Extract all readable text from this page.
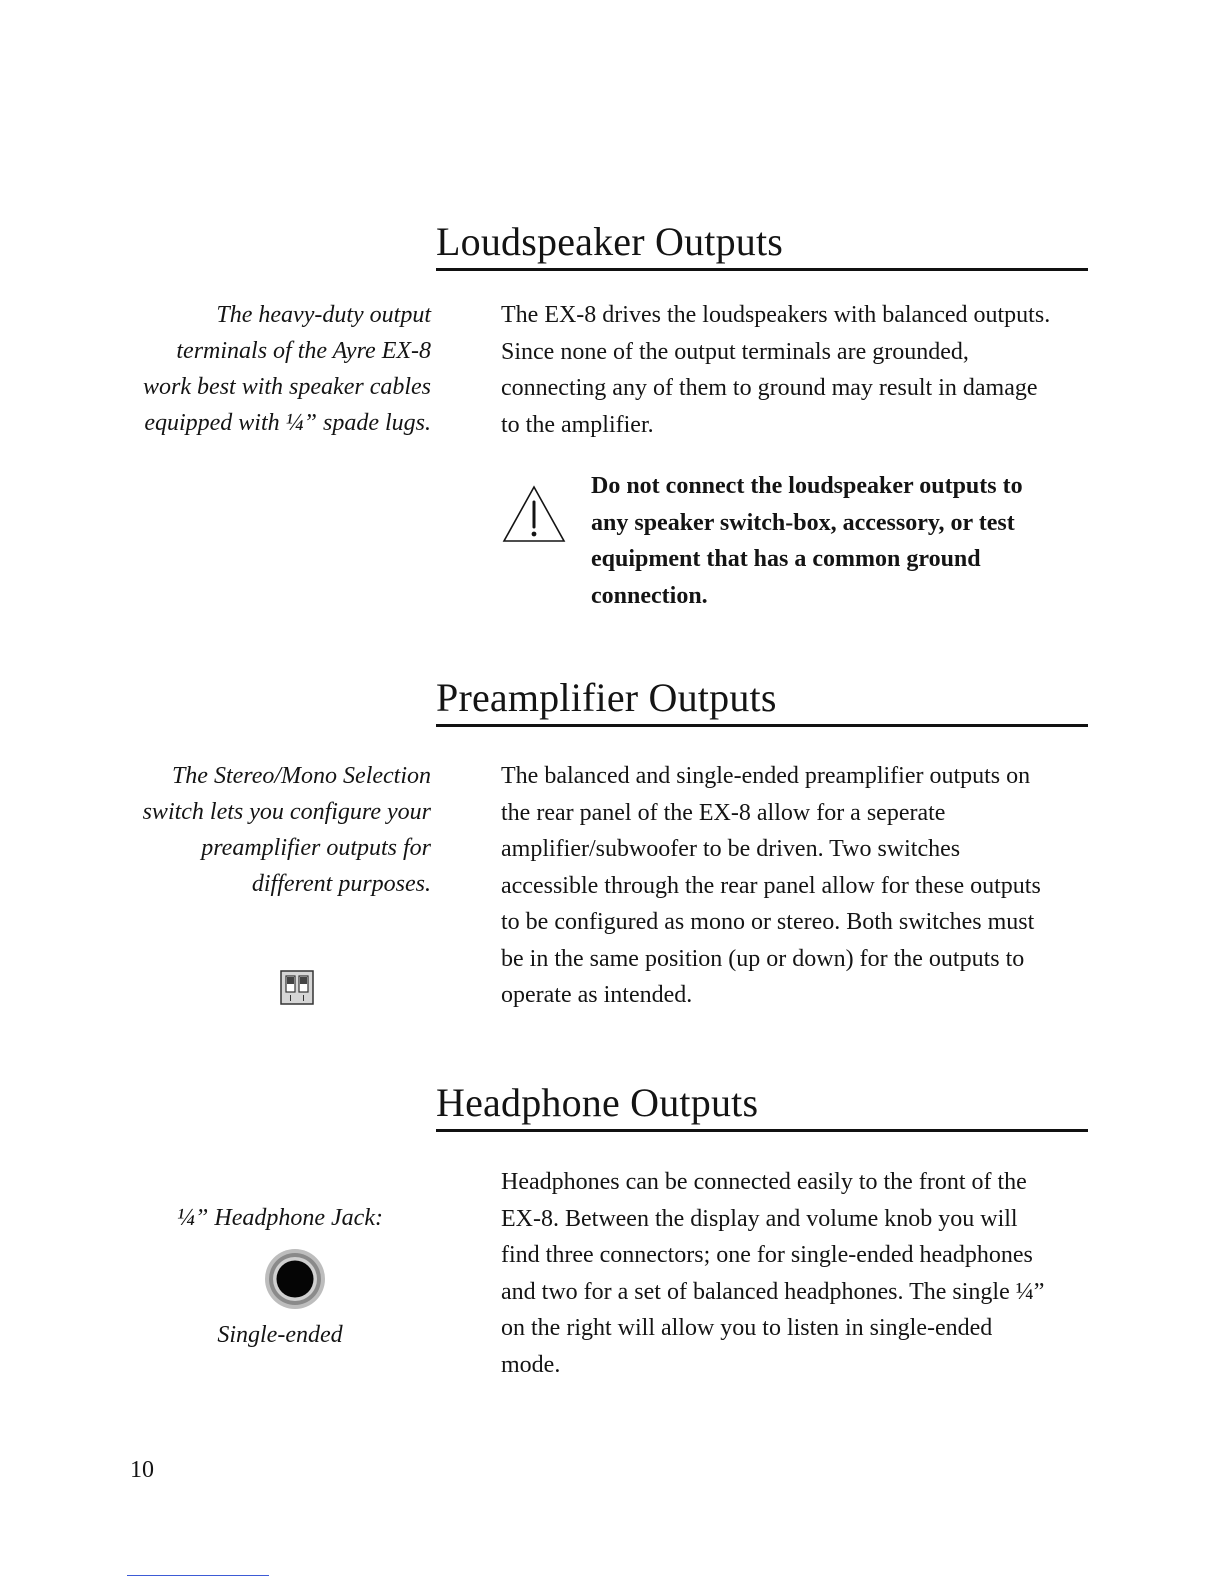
Loudspeaker Outputs

The heavy-duty output
terminals of the Ayre EX-8
work best with speaker cables
equipped with ¼” spade lugs.

The EX-8 drives the loudspeakers with balanced outputs.
Since none of the output terminals are grounded,
connecting any of them to ground may result in damage
to the amplifier.

Do not connect the loudspeaker outputs to
any speaker switch-box, accessory, or test
equipment that has a common ground
connection.

Preamplifier Outputs

The Stereo/Mono Selection
switch lets you configure your
preamplifier outputs for
different purposes.

The balanced and single-ended preamplifier outputs on
the rear panel of the EX-8 allow for a seperate
amplifier/subwoofer to be driven. Two switches
accessible through the rear panel allow for these outputs
to be configured as mono or stereo. Both switches must
be in the same position (up or down) for the outputs to
operate as intended.

Headphone Outputs

¼” Headphone Jack:

Single-ended

Headphones can be connected easily to the front of the
EX-8. Between the display and volume knob you will
find three connectors; one for single-ended headphones
and two for a set of balanced headphones. The single ¼”
on the right will allow you to listen in single-ended
mode.

10
